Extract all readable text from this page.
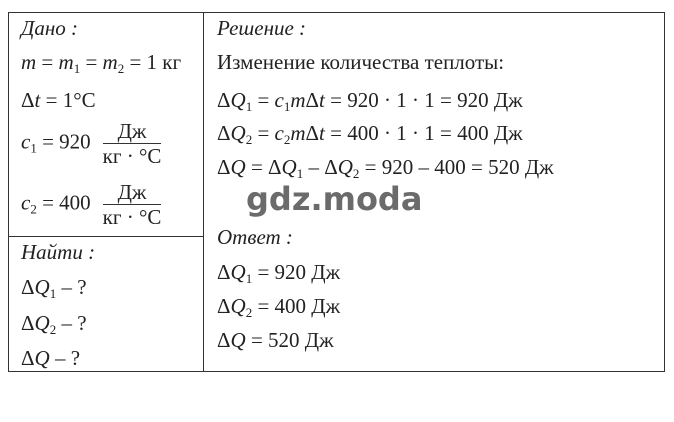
Дано :
$m = m_1 = m_2 = 1$ кг
Δt = 1°С
$c_1 = 920 \frac{Дж}{кг \cdot ^\circ С}$
$c_2 = 400 \frac{Дж}{кг \cdot ^\circ С}$
Найти :
$\Delta Q_1$ – ?
$\Delta Q_2$ – ?
ΔQ – ?
Решение :
Изменение количества теплоты:
$\Delta Q_1 = c_1m\Delta t = 920 \cdot 1 \cdot 1 = 920$ Дж
$\Delta Q_2 = c_2m\Delta t = 400 \cdot 1 \cdot 1 = 400$ Дж
$\Delta Q = \Delta Q_1 - \Delta Q_2 = 920 - 400 = 520$ Дж
Ответ :
$\Delta Q_1 = 920$ Дж
$\Delta Q_2 = 400$ Дж
ΔQ = 520 Дж
gdz.moda
